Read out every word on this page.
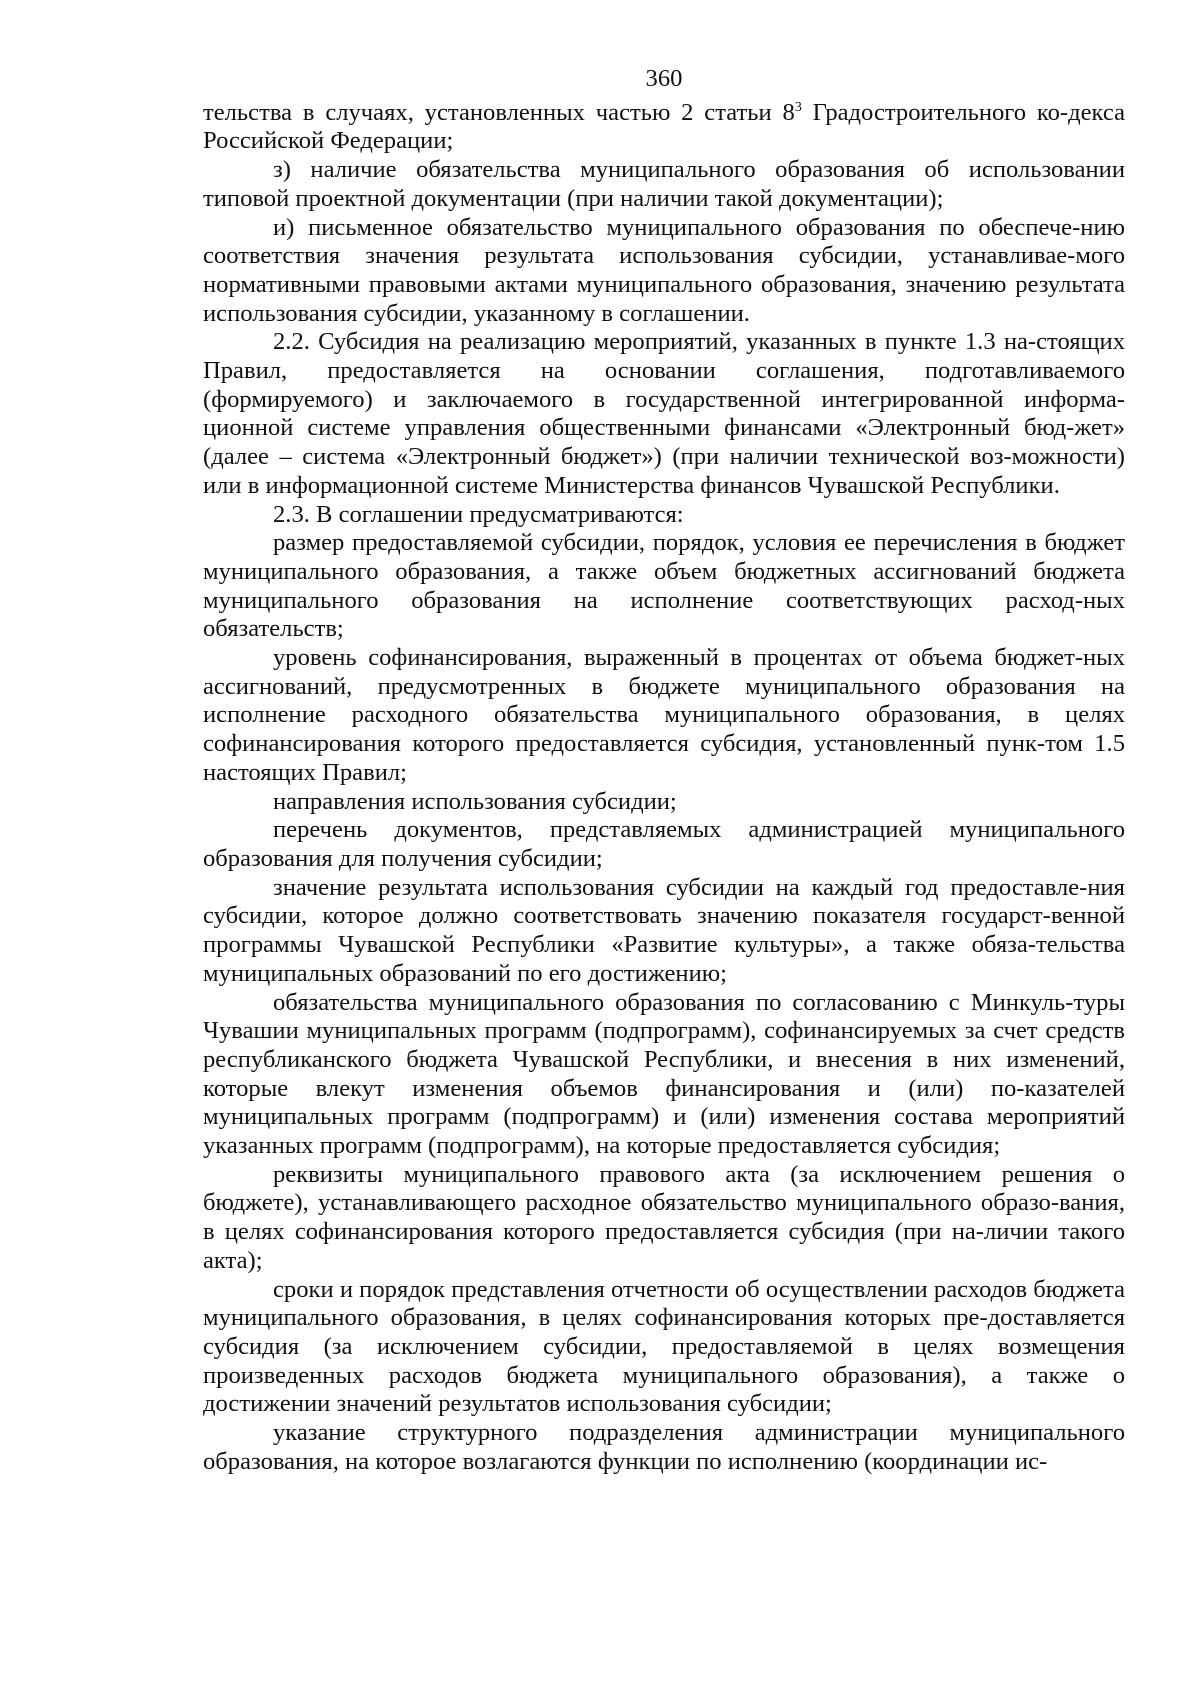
360

тельства в случаях, установленных частью 2 статьи $8^3$ Градостроительного ко-декса Российской Федерации;

з) наличие обязательства муниципального образования об использовании типовой проектной документации (при наличии такой документации);

и) письменное обязательство муниципального образования по обеспече-нию соответствия значения результата использования субсидии, устанавливае-мого нормативными правовыми актами муниципального образования, значению результата использования субсидии, указанному в соглашении.

2.2. Субсидия на реализацию мероприятий, указанных в пункте 1.3 на-стоящих Правил, предоставляется на основании соглашения, подготавливаемого (формируемого) и заключаемого в государственной интегрированной информа-ционной системе управления общественными финансами «Электронный бюд-жет» (далее – система «Электронный бюджет») (при наличии технической воз-можности) или в информационной системе Министерства финансов Чувашской Республики.

2.3. В соглашении предусматриваются:

размер предоставляемой субсидии, порядок, условия ее перечисления в бюджет муниципального образования, а также объем бюджетных ассигнований бюджета муниципального образования на исполнение соответствующих расход-ных обязательств;

уровень софинансирования, выраженный в процентах от объема бюджет-ных ассигнований, предусмотренных в бюджете муниципального образования на исполнение расходного обязательства муниципального образования, в целях софинансирования которого предоставляется субсидия, установленный пунк-том 1.5 настоящих Правил;

направления использования субсидии;

перечень документов, представляемых администрацией муниципального образования для получения субсидии;

значение результата использования субсидии на каждый год предоставле-ния субсидии, которое должно соответствовать значению показателя государст-венной программы Чувашской Республики «Развитие культуры», а также обяза-тельства муниципальных образований по его достижению;

обязательства муниципального образования по согласованию с Минкуль-туры Чувашии муниципальных программ (подпрограмм), софинансируемых за счет средств республиканского бюджета Чувашской Республики, и внесения в них изменений, которые влекут изменения объемов финансирования и (или) по-казателей муниципальных программ (подпрограмм) и (или) изменения состава мероприятий указанных программ (подпрограмм), на которые предоставляется субсидия;

реквизиты муниципального правового акта (за исключением решения о бюджете), устанавливающего расходное обязательство муниципального образо-вания, в целях софинансирования которого предоставляется субсидия (при на-личии такого акта);

сроки и порядок представления отчетности об осуществлении расходов бюджета муниципального образования, в целях софинансирования которых пре-доставляется субсидия (за исключением субсидии, предоставляемой в целях возмещения произведенных расходов бюджета муниципального образования), а также о достижении значений результатов использования субсидии;

указание структурного подразделения администрации муниципального образования, на которое возлагаются функции по исполнению (координации ис-
